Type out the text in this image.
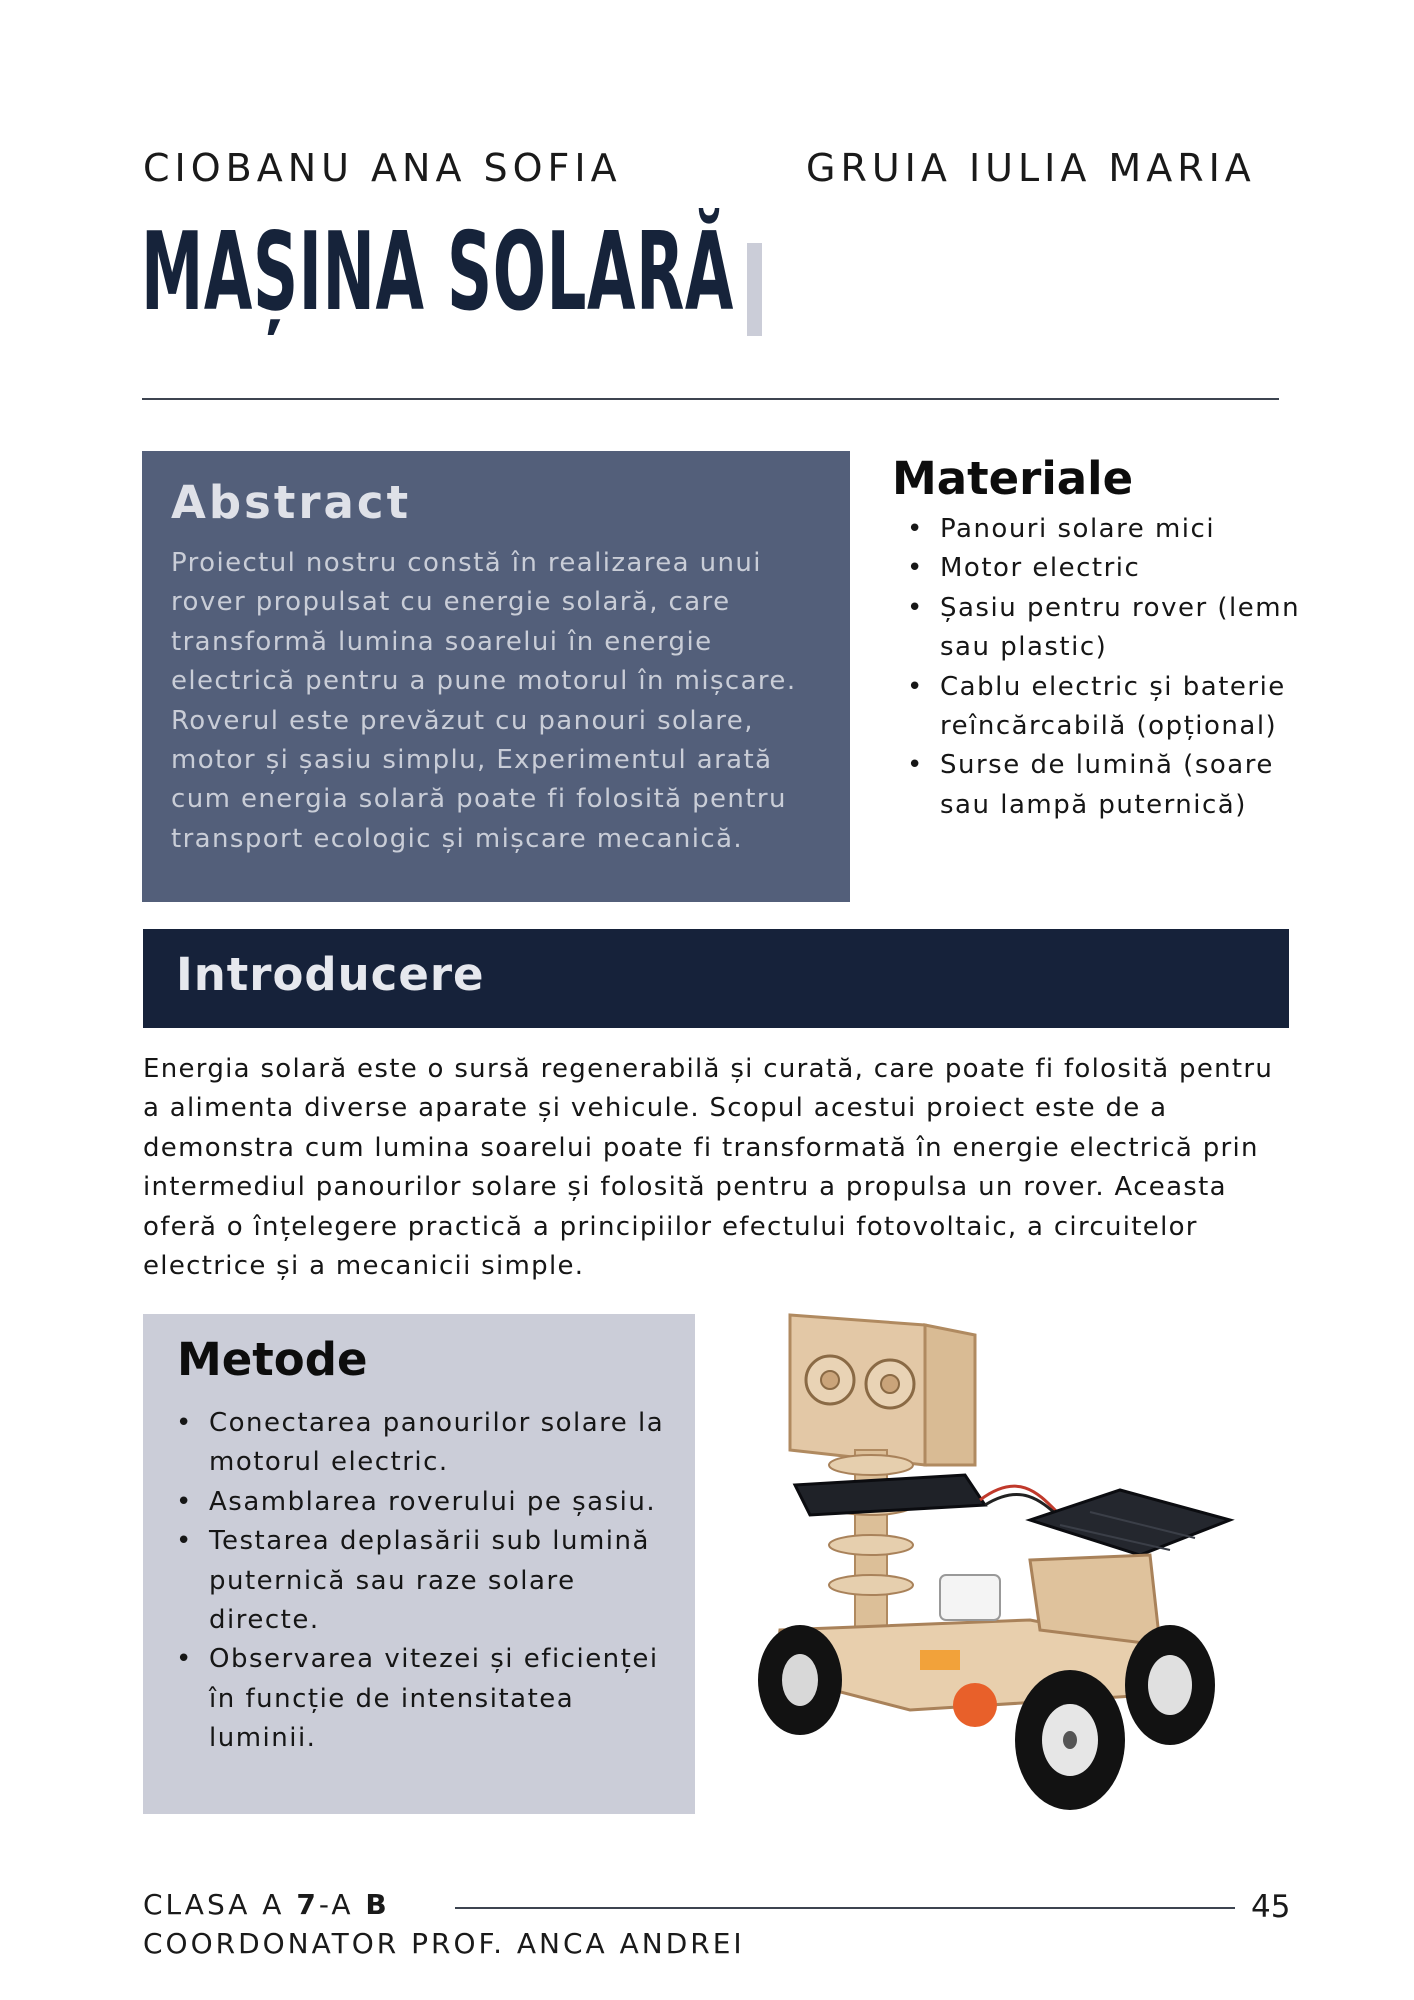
CIOBANU ANA SOFIA	GRUIA IULIA MARIA
MAȘINA SOLARĂ
Abstract
Proiectul nostru constă în realizarea unui rover propulsat cu energie solară, care transformă lumina soarelui în energie electrică pentru a pune motorul în mișcare. Roverul este prevăzut cu panouri solare, motor și șasiu simplu, Experimentul arată cum energia solară poate fi folosită pentru transport ecologic și mișcare mecanică.
Materiale
• Panouri solare mici
• Motor electric
• Șasiu pentru rover (lemn sau plastic)
• Cablu electric și baterie reîncărcabilă (opțional)
• Surse de lumină (soare sau lampă puternică)
Introducere
Energia solară este o sursă regenerabilă și curată, care poate fi folosită pentru a alimenta diverse aparate și vehicule. Scopul acestui proiect este de a demonstra cum lumina soarelui poate fi transformată în energie electrică prin intermediul panourilor solare și folosită pentru a propulsa un rover. Aceasta oferă o înțelegere practică a principiilor efectului fotovoltaic, a circuitelor electrice și a mecanicii simple.
Metode
• Conectarea panourilor solare la motorul electric.
• Asamblarea roverului pe șasiu.
• Testarea deplasării sub lumină puternică sau raze solare directe.
• Observarea vitezei și eficienței în funcție de intensitatea luminii.
CLASA A 7-A B	45
COORDONATOR PROF. ANCA ANDREI
